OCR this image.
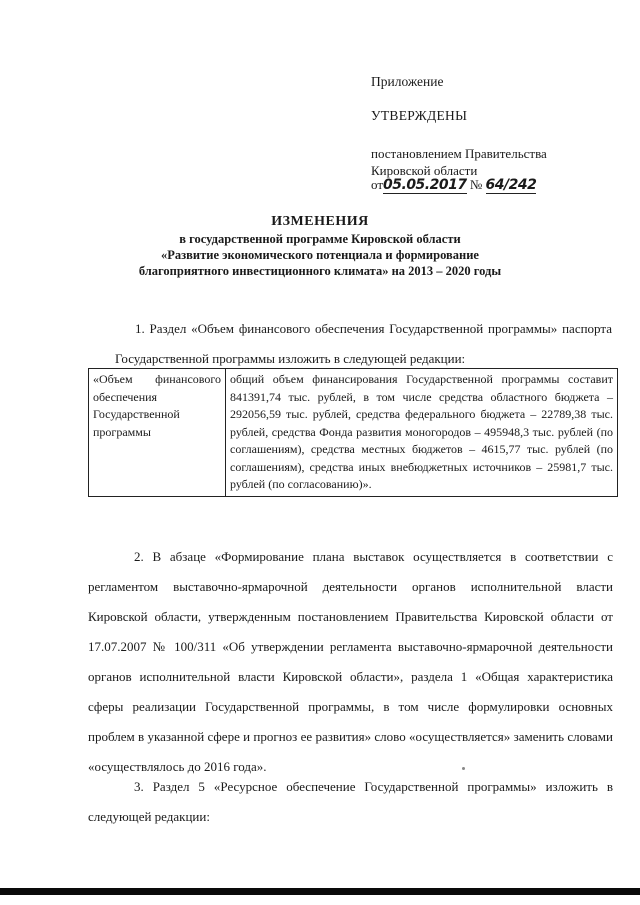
Приложение
УТВЕРЖДЕНЫ
постановлением Правительства
Кировской области
от05.05.2017 № 64/242
ИЗМЕНЕНИЯ
в государственной программе Кировской области
«Развитие экономического потенциала и формирование
благоприятного инвестиционного климата» на 2013 – 2020 годы
1. Раздел «Объем финансового обеспечения Государственной программы» паспорта Государственной программы изложить в следующей редакции:
«Объем финансового обеспечения Государственной программы	общий объем финансирования Государственной программы составит 841391,74 тыс. рублей, в том числе средства областного бюджета – 292056,59 тыс. рублей, средства федерального бюджета – 22789,38 тыс. рублей, средства Фонда развития моногородов – 495948,3 тыс. рублей (по соглашениям), средства местных бюджетов – 4615,77 тыс. рублей (по соглашениям), средства иных внебюджетных источников – 25981,7 тыс. рублей (по согласованию)».
2. В абзаце «Формирование плана выставок осуществляется в соответствии с регламентом выставочно-ярмарочной деятельности органов исполнительной власти Кировской области, утвержденным постановлением Правительства Кировской области от 17.07.2007 № 100/311 «Об утверждении регламента выставочно-ярмарочной деятельности органов исполнительной власти Кировской области», раздела 1 «Общая характеристика сферы реализации Государственной программы, в том числе формулировки основных проблем в указанной сфере и прогноз ее развития» слово «осуществляется» заменить словами «осуществлялось до 2016 года».
3. Раздел 5 «Ресурсное обеспечение Государственной программы» изложить в следующей редакции:
